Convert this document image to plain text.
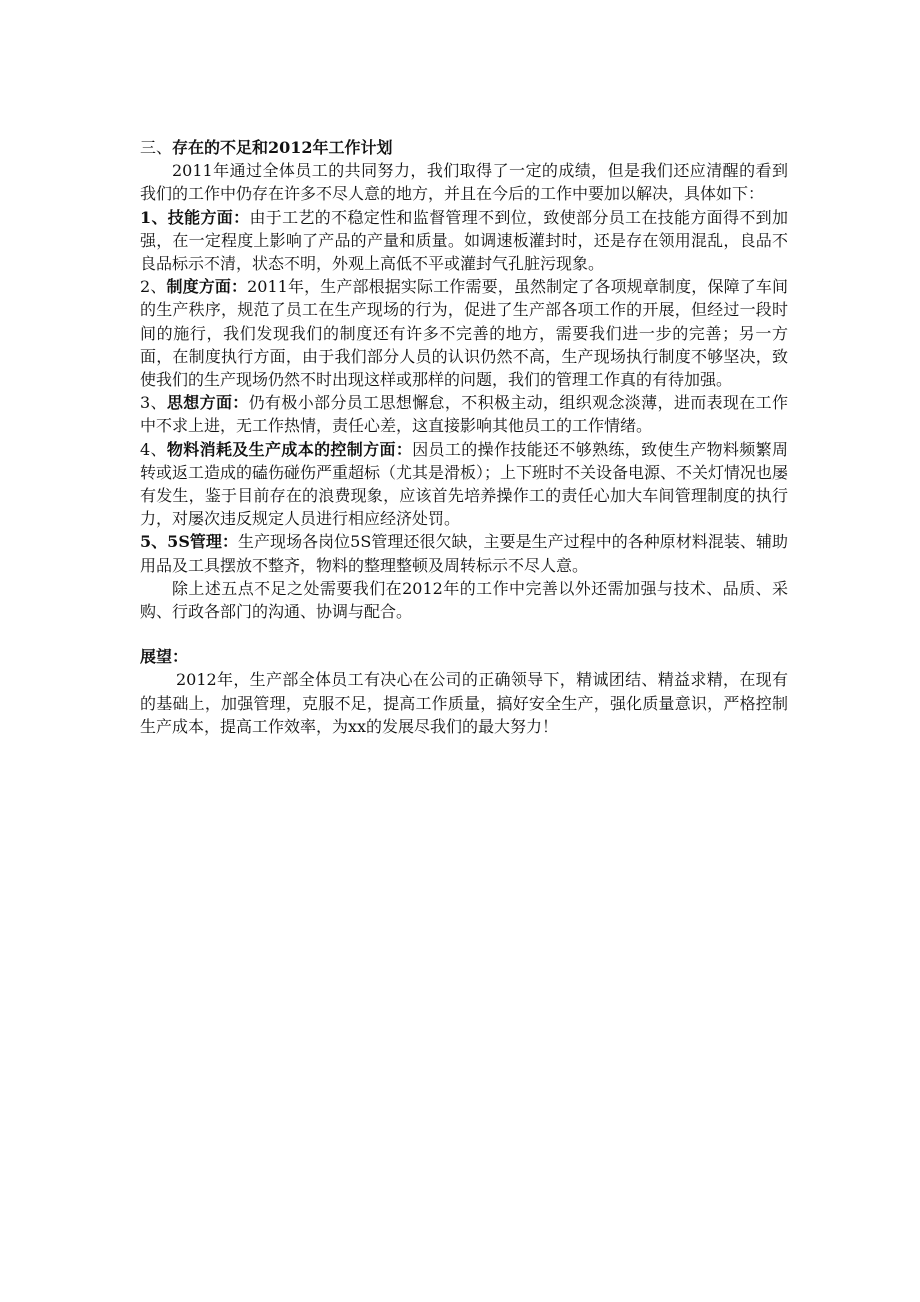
三、存在的不足和2012年工作计划

2011年通过全体员工的共同努力，我们取得了一定的成绩，但是我们还应清醒的看到我们的工作中仍存在许多不尽人意的地方，并且在今后的工作中要加以解决，具体如下：

1、技能方面：由于工艺的不稳定性和监督管理不到位，致使部分员工在技能方面得不到加强，在一定程度上影响了产品的产量和质量。如调速板灌封时，还是存在领用混乱，良品不良品标示不清，状态不明，外观上高低不平或灌封气孔脏污现象。

2、制度方面：2011年，生产部根据实际工作需要，虽然制定了各项规章制度，保障了车间的生产秩序，规范了员工在生产现场的行为，促进了生产部各项工作的开展，但经过一段时间的施行，我们发现我们的制度还有许多不完善的地方，需要我们进一步的完善；另一方面，在制度执行方面，由于我们部分人员的认识仍然不高，生产现场执行制度不够坚决，致使我们的生产现场仍然不时出现这样或那样的问题，我们的管理工作真的有待加强。

3、思想方面：仍有极小部分员工思想懈怠，不积极主动，组织观念淡薄，进而表现在工作中不求上进，无工作热情，责任心差，这直接影响其他员工的工作情绪。

4、物料消耗及生产成本的控制方面：因员工的操作技能还不够熟练，致使生产物料频繁周转或返工造成的磕伤碰伤严重超标（尤其是滑板）；上下班时不关设备电源、不关灯情况也屡有发生，鉴于目前存在的浪费现象，应该首先培养操作工的责任心加大车间管理制度的执行力，对屡次违反规定人员进行相应经济处罚。

5、5S管理：生产现场各岗位5S管理还很欠缺，主要是生产过程中的各种原材料混装、辅助用品及工具摆放不整齐，物料的整理整顿及周转标示不尽人意。

除上述五点不足之处需要我们在2012年的工作中完善以外还需加强与技术、品质、采购、行政各部门的沟通、协调与配合。

展望：

2012年，生产部全体员工有决心在公司的正确领导下，精诚团结、精益求精，在现有的基础上，加强管理，克服不足，提高工作质量，搞好安全生产，强化质量意识，严格控制生产成本，提高工作效率，为xx的发展尽我们的最大努力！
